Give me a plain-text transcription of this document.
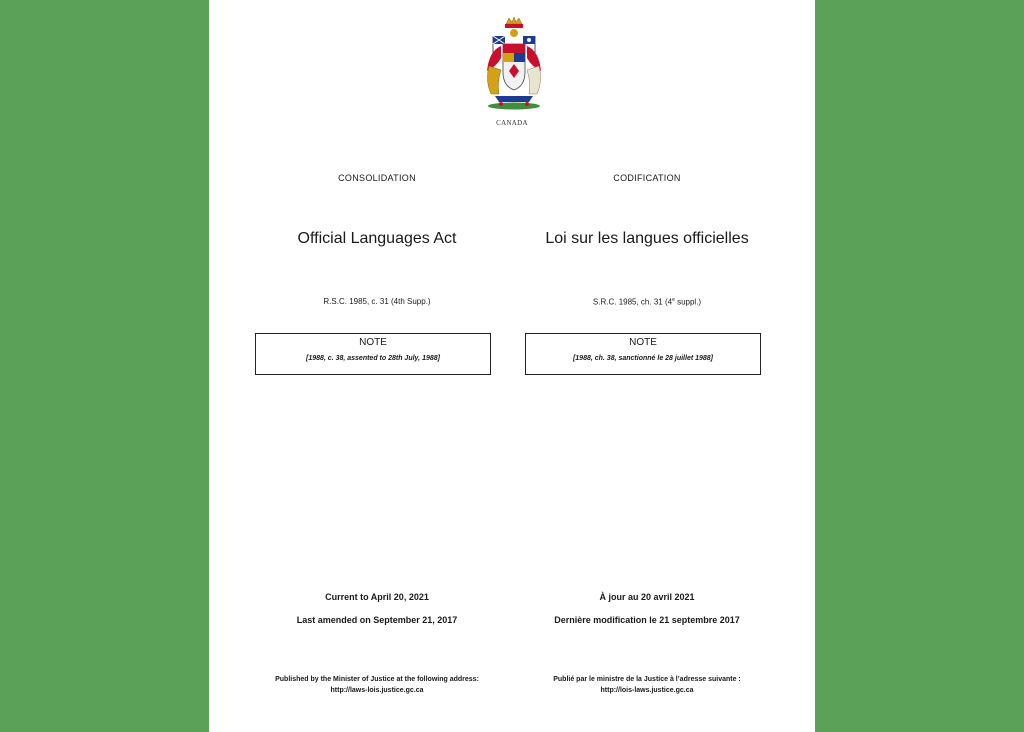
CANADA
CONSOLIDATION
Official Languages Act
R.S.C. 1985, c. 31 (4th Supp.)
NOTE
[1988, c. 38, assented to 28th July, 1988]
Current to April 20, 2021
Last amended on September 21, 2017
Published by the Minister of Justice at the following address:
http://laws-lois.justice.gc.ca
CODIFICATION
Loi sur les langues officielles
S.R.C. 1985, ch. 31 (4e suppl.)
NOTE
[1988, ch. 38, sanctionné le 28 juillet 1988]
À jour au 20 avril 2021
Dernière modification le 21 septembre 2017
Publié par le ministre de la Justice à l’adresse suivante :
http://lois-laws.justice.gc.ca
